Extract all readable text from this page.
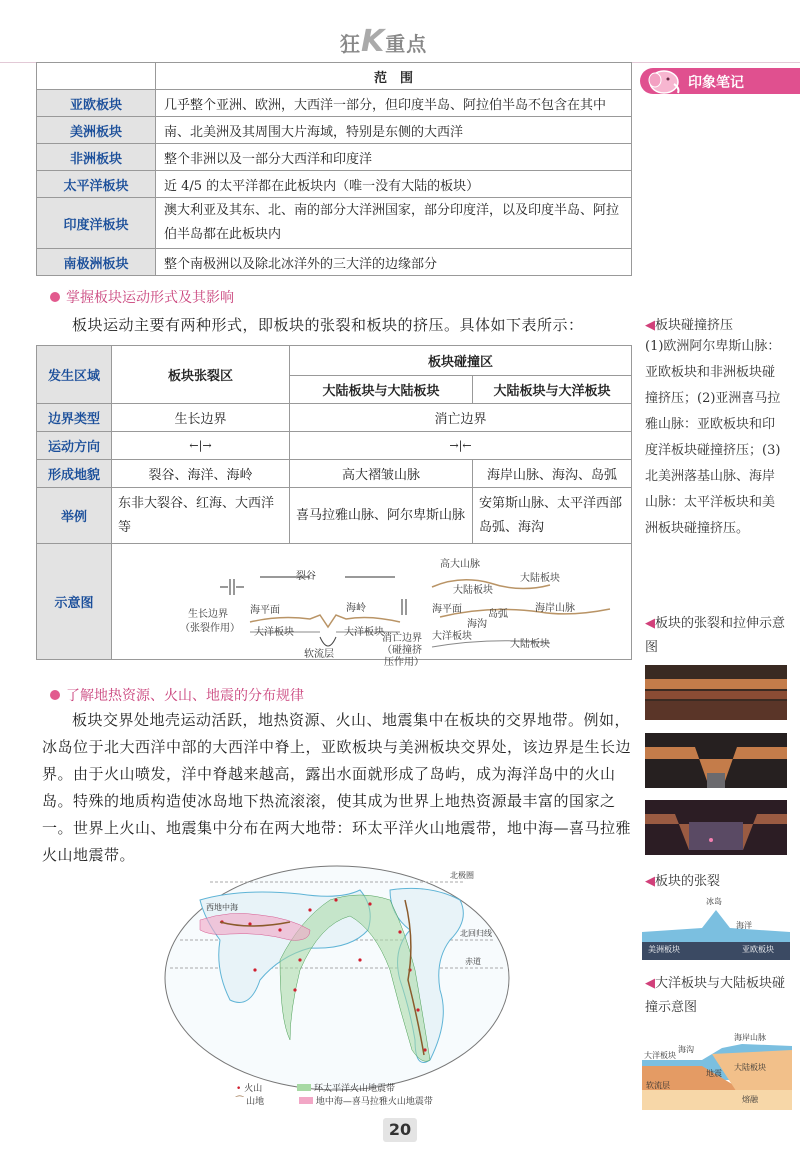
狂K重点
印象笔记
	范　围
亚欧板块	几乎整个亚洲、欧洲，大西洋一部分，但印度半岛、阿拉伯半岛不包含在其中
美洲板块	南、北美洲及其周围大片海域，特别是东侧的大西洋
非洲板块	整个非洲以及一部分大西洋和印度洋
太平洋板块	近 4/5 的太平洋都在此板块内（唯一没有大陆的板块）
印度洋板块	澳大利亚及其东、北、南的部分大洋洲国家，部分印度洋，以及印度半岛、阿拉伯半岛都在此板块内
南极洲板块	整个南极洲以及除北冰洋外的三大洋的边缘部分
掌握板块运动形式及其影响
板块运动主要有两种形式，即板块的张裂和板块的挤压。具体如下表所示：
发生区域	板块张裂区	板块碰撞区	
		大陆板块与大陆板块	大陆板块与大洋板块
边界类型	生长边界	消亡边界	
运动方向	←|→	→|←	
形成地貌	裂谷、海洋、海岭	高大褶皱山脉	海岸山脉、海沟、岛弧
举例	东非大裂谷、红海、大西洋等	喜马拉雅山脉、阿尔卑斯山脉	安第斯山脉、太平洋西部岛弧、海沟
示意图			
生长边界
（张裂作用）
裂谷
海平面	海岭
大洋板块	大洋板块
软流层
消亡边界
（碰撞挤
压作用）
高大山脉
大陆板块
大陆板块
岛弧
海岸山脉
海平面
海沟
大洋板块
大陆板块
了解地热资源、火山、地震的分布规律
板块交界处地壳运动活跃，地热资源、火山、地震集中在板块的交界地带。例如，冰岛位于北大西洋中部的大西洋中脊上，亚欧板块与美洲板块交界处，该边界是生长边界。由于火山喷发，洋中脊越来越高，露出水面就形成了岛屿，成为海洋岛中的火山岛。特殊的地质构造使冰岛地下热流滚滚，使其成为世界上地热资源最丰富的国家之一。世界上火山、地震集中分布在两大地带：环太平洋火山地震带，地中海—喜马拉雅火山地震带。
北极圈
北回归线
赤道
西地中海
• 火山	环太平洋火山地震带
⁀ 山地	地中海—喜马拉雅火山地震带
◀板块碰撞挤压
(1)欧洲阿尔卑斯山脉：亚欧板块和非洲板块碰撞挤压；(2)亚洲喜马拉雅山脉：亚欧板块和印度洋板块碰撞挤压；(3)北美洲落基山脉、海岸山脉：太平洋板块和美洲板块碰撞挤压。
◀板块的张裂和拉伸示意图
◀板块的张裂
冰岛
海洋
美洲板块	亚欧板块
◀大洋板块与大陆板块碰撞示意图
海岸山脉
大洋板块
海沟
大陆板块
软流层
地震
熔融
20
